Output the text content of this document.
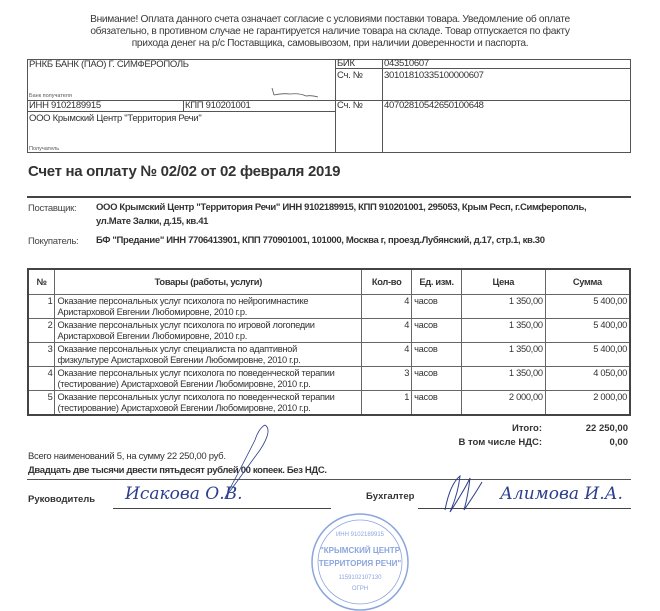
Внимание! Оплата данного счета означает согласие с условиями поставки товара. Уведомление об оплате
обязательно, в противном случае не гарантируется наличие товара на складе. Товар отпускается по факту
прихода денег на р/с Поставщика, самовывозом, при наличии доверенности и паспорта.
РНКБ БАНК (ПАО) Г. СИМФЕРОПОЛЬ
Банк получателя
БИК	043510607
Сч. № 30101810335100000607
ИНН 9102189915	КПП 910201001	Сч. № 40702810542650100648
ООО Крымский Центр "Территория Речи"
Получатель
Счет на оплату № 02/02 от 02 февраля 2019
Поставщик: ООО Крымский Центр "Территория Речи" ИНН 9102189915, КПП 910201001, 295053, Крым Респ, г.Симферополь,
ул.Мате Залки, д.15, кв.41
Покупатель: БФ "Предание" ИНН 7706413901, КПП 770901001, 101000, Москва г, проезд.Лубянский, д.17, стр.1, кв.30
№	Товары (работы, услуги)	Кол-во	Ед. изм.	Цена	Сумма
1	Оказание персональных услуг психолога по нейрогимнастике
Аристарховой Евгении Любомировне, 2010 г.р.	4	часов	1 350,00	5 400,00
2	Оказание персональных услуг психолога по игровой логопедии
Аристарховой Евгении Любомировне, 2010 г.р.	4	часов	1 350,00	5 400,00
3	Оказание персональных услуг специалиста по адаптивной
физкультуре Аристарховой Евгении Любомировне, 2010 г.р.	4	часов	1 350,00	5 400,00
4	Оказание персональных услуг психолога по поведенческой терапии
(тестирование) Аристарховой Евгении Любомировне, 2010 г.р.	3	часов	1 350,00	4 050,00
5	Оказание персональных услуг психолога по поведенческой терапии
(тестирование) Аристарховой Евгении Любомировне, 2010 г.р.	1	часов	2 000,00	2 000,00
Итого:	22 250,00
В том числе НДС:	0,00
Всего наименований 5, на сумму 22 250,00 руб.
Двадцать две тысячи двести пятьдесят рублей 00 копеек. Без НДС.
Руководитель Исакова О.В.	Бухгалтер	Алимова И.А.
ИНН 9102189915
"КРЫМСКИЙ ЦЕНТР
ТЕРРИТОРИЯ РЕЧИ"
1159102107130
ОГРН
